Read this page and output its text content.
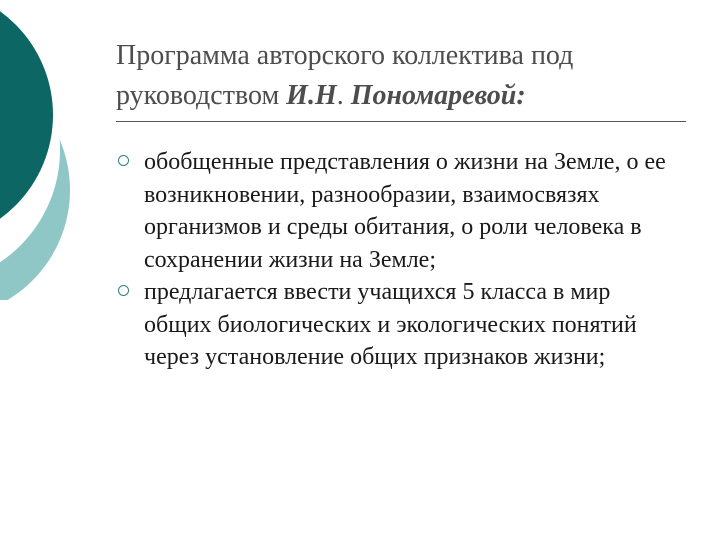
Программа авторского коллектива под
руководством И.Н. Пономаревой:
обобщенные представления о жизни на Земле, о ее возникновении, разнообразии, взаимосвязях организмов и среды обитания, о роли человека в сохранении жизни на Земле;
предлагается ввести учащихся 5 класса в мир общих биологических и экологических понятий через установление общих признаков жизни;
